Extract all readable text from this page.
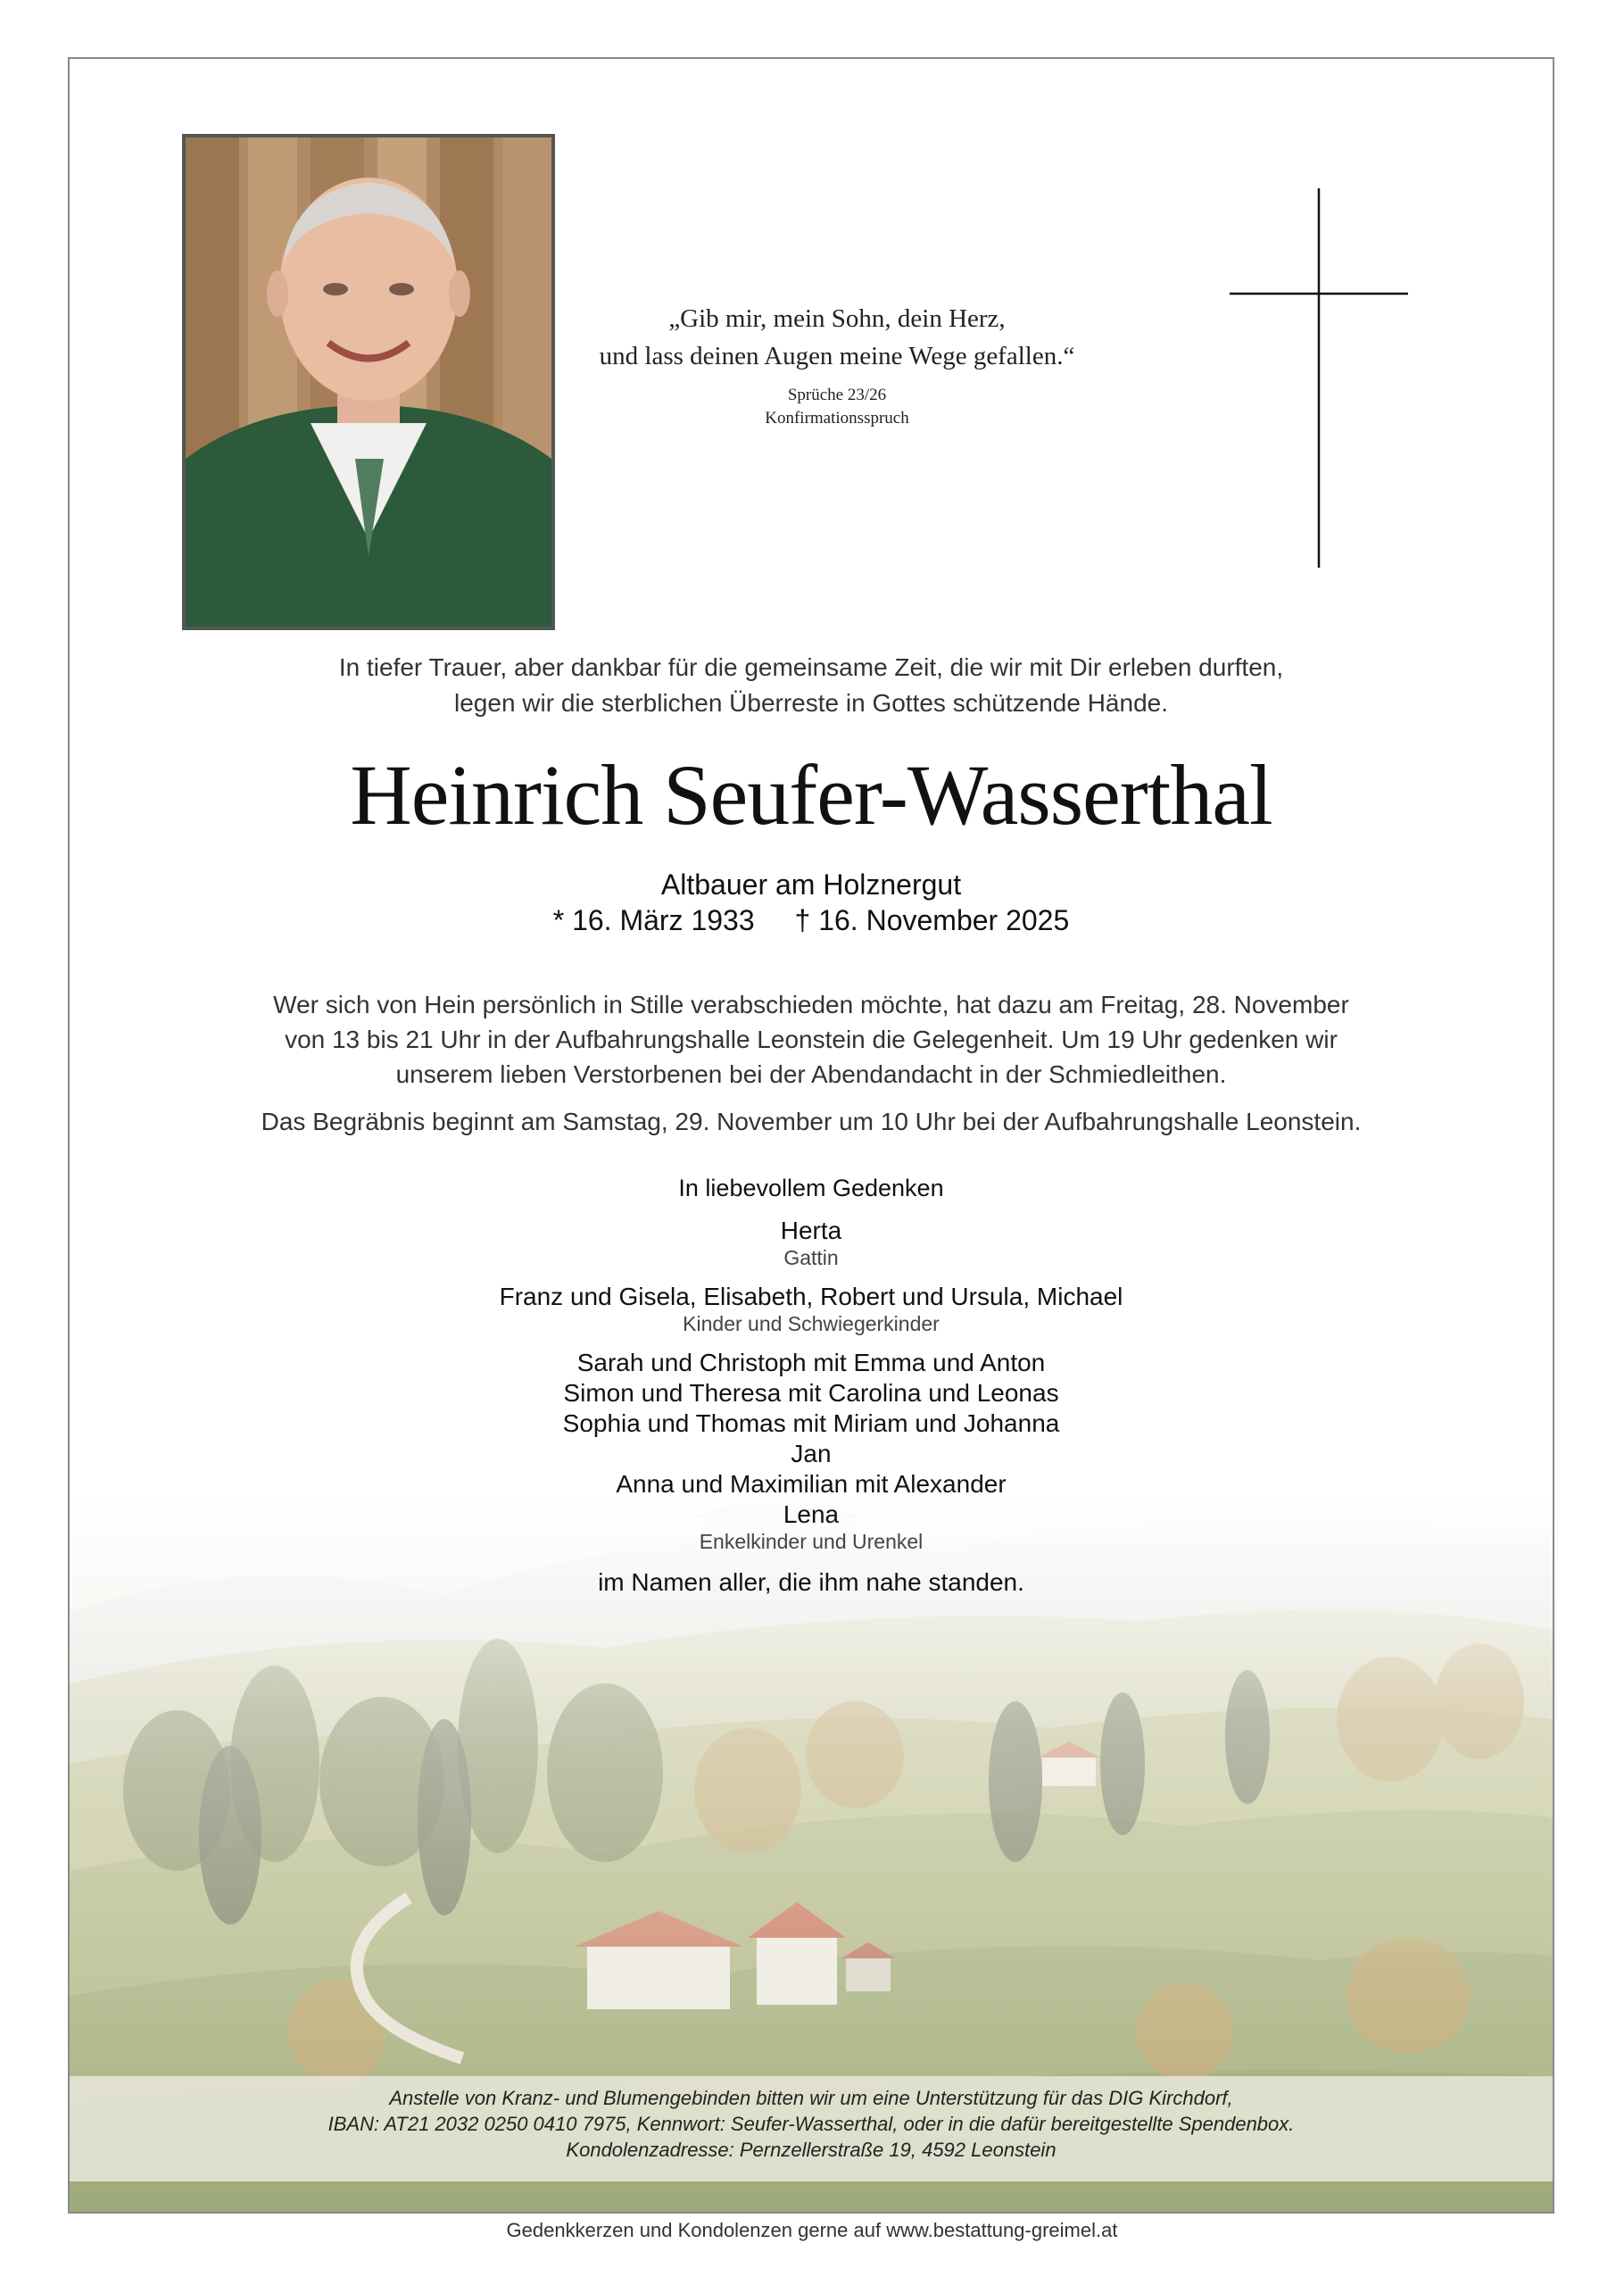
„Gib mir, mein Sohn, dein Herz,
und lass deinen Augen meine Wege gefallen.“
Sprüche 23/26
Konfirmationsspruch
In tiefer Trauer, aber dankbar für die gemeinsame Zeit, die wir mit Dir erleben durften,
legen wir die sterblichen Überreste in Gottes schützende Hände.
Heinrich Seufer-Wasserthal
Altbauer am Holznergut
* 16. März 1933 † 16. November 2025

Wer sich von Hein persönlich in Stille verabschieden möchte, hat dazu am Freitag, 28. November
von 13 bis 21 Uhr in der Aufbahrungshalle Leonstein die Gelegenheit. Um 19 Uhr gedenken wir
unserem lieben Verstorbenen bei der Abendandacht in der Schmiedleithen.

Das Begräbnis beginnt am Samstag, 29. November um 10 Uhr bei der Aufbahrungshalle Leonstein.

In liebevollem Gedenken
Herta
Gattin
Franz und Gisela, Elisabeth, Robert und Ursula, Michael
Kinder und Schwiegerkinder
Sarah und Christoph mit Emma und Anton
Simon und Theresa mit Carolina und Leonas
Sophia und Thomas mit Miriam und Johanna
Jan
Anna und Maximilian mit Alexander
Lena
Enkelkinder und Urenkel
im Namen aller, die ihm nahe standen.
Anstelle von Kranz- und Blumengebinden bitten wir um eine Unterstützung für das DIG Kirchdorf,
IBAN: AT21 2032 0250 0410 7975, Kennwort: Seufer-Wasserthal, oder in die dafür bereitgestellte Spendenbox.
Kondolenzadresse: Pernzellerstraße 19, 4592 Leonstein
Gedenkkerzen und Kondolenzen gerne auf www.bestattung-greimel.at
